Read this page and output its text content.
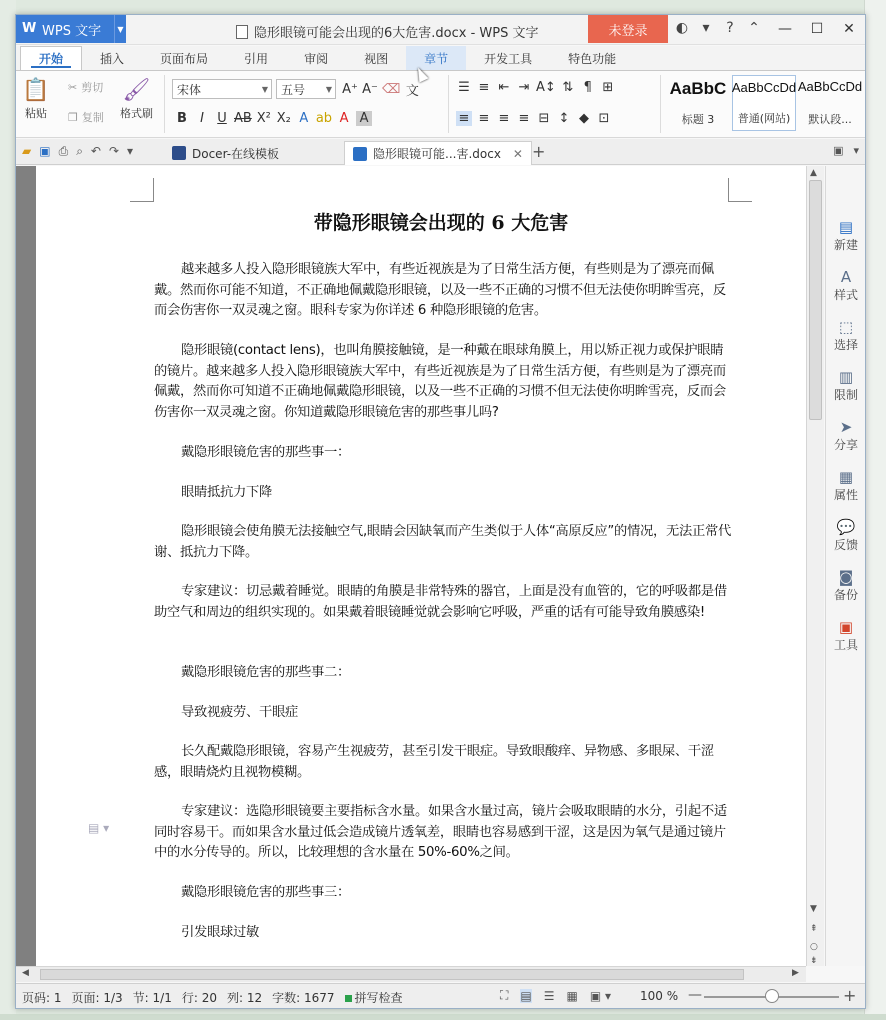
W WPS 文字	▼	隐形眼镜可能会出现的6大危害.docx - WPS 文字	未登录	◐	▾	?	⌃	—	☐	✕
开始	插入	页面布局	引用	审阅	视图	章节	开发工具	特色功能
📋
粘贴
✂ 剪切
❐ 复制
🖌
格式刷
宋体	▼ 五号	▼ A⁺ A⁻ ⌫ 文
B	I	U AB X² X₂ A ab A A
☰ ≡ ⇤ ⇥ A↕ ⇅ ¶ ⊞
≡ ≡ ≡ ≡ ⊟ ↕ ◆ ⊡
AaBbC
标题 3
AaBbCcDd
普通(网站)
AaBbCcDd
默认段...
▰ ▣ ⎙ ⌕ ↶ ↷ ▾	Docer-在线模板	隐形眼镜可能...害.docx ✕ +	▣ ▾
带隐形眼镜会出现的 6 大危害

越来越多人投入隐形眼镜族大军中，有些近视族是为了日常生活方便，有些则是为了漂亮而佩戴。然而你可能不知道，不正确地佩戴隐形眼镜，以及一些不正确的习惯不但无法使你明眸雪亮，反而会伤害你一双灵魂之窗。眼科专家为你详述 6 种隐形眼镜的危害。

隐形眼镜(contact lens)，也叫角膜接触镜，是一种戴在眼球角膜上，用以矫正视力或保护眼睛的镜片。越来越多人投入隐形眼镜族大军中，有些近视族是为了日常生活方便，有些则是为了漂亮而佩戴，然而你可知道不正确地佩戴隐形眼镜，以及一些不正确的习惯不但无法使你明眸雪亮，反而会伤害你一双灵魂之窗。你知道戴隐形眼镜危害的那些事儿吗?

戴隐形眼镜危害的那些事一：

眼睛抵抗力下降

隐形眼镜会使角膜无法接触空气,眼睛会因缺氧而产生类似于人体“高原反应”的情况，无法正常代谢、抵抗力下降。

专家建议：切忌戴着睡觉。眼睛的角膜是非常特殊的器官，上面是没有血管的，它的呼吸都是借助空气和周边的组织实现的。如果戴着眼镜睡觉就会影响它呼吸，严重的话有可能导致角膜感染!

戴隐形眼镜危害的那些事二：

导致视疲劳、干眼症

长久配戴隐形眼镜，容易产生视疲劳，甚至引发干眼症。导致眼酸痒、异物感、多眼屎、干涩感，眼睛烧灼且视物模糊。

专家建议：选隐形眼镜要主要指标含水量。如果含水量过高，镜片会吸取眼睛的水分，引起不适同时容易干。而如果含水量过低会造成镜片透氧差，眼睛也容易感到干涩，这是因为氧气是通过镜片中的水分传导的。所以，比较理想的含水量在 50%-60%之间。

戴隐形眼镜危害的那些事三：

引发眼球过敏

▤ ▾
▲
▼
⇞
○
⇟
▤
新建
A
样式
⬚
选择
▥
限制
➤
分享
▦
属性
💬
反馈
◙
备份
▣
工具
◀	▶
页码: 1 页面: 1/3 节: 1/1 行: 20 列: 12 字数: 1677	拼写检查	⛶ ▤ ☰ ▦ ▣ ▾ 100 % —	+
